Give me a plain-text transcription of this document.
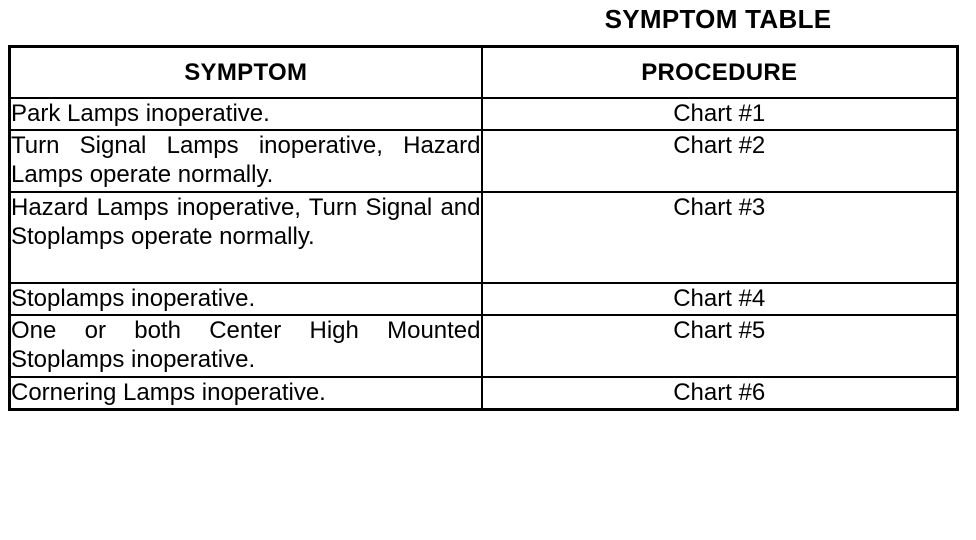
SYMPTOM TABLE
SYMPTOM	PROCEDURE
Park Lamps inoperative.	Chart #1
Turn Signal Lamps inoperative, Hazard Lamps operate normally.	Chart #2
Hazard Lamps inoperative, Turn Signal and Stoplamps operate normally.	Chart #3
Stoplamps inoperative.	Chart #4
One or both Center High Mounted Stoplamps inoperative.	Chart #5
Cornering Lamps inoperative.	Chart #6
